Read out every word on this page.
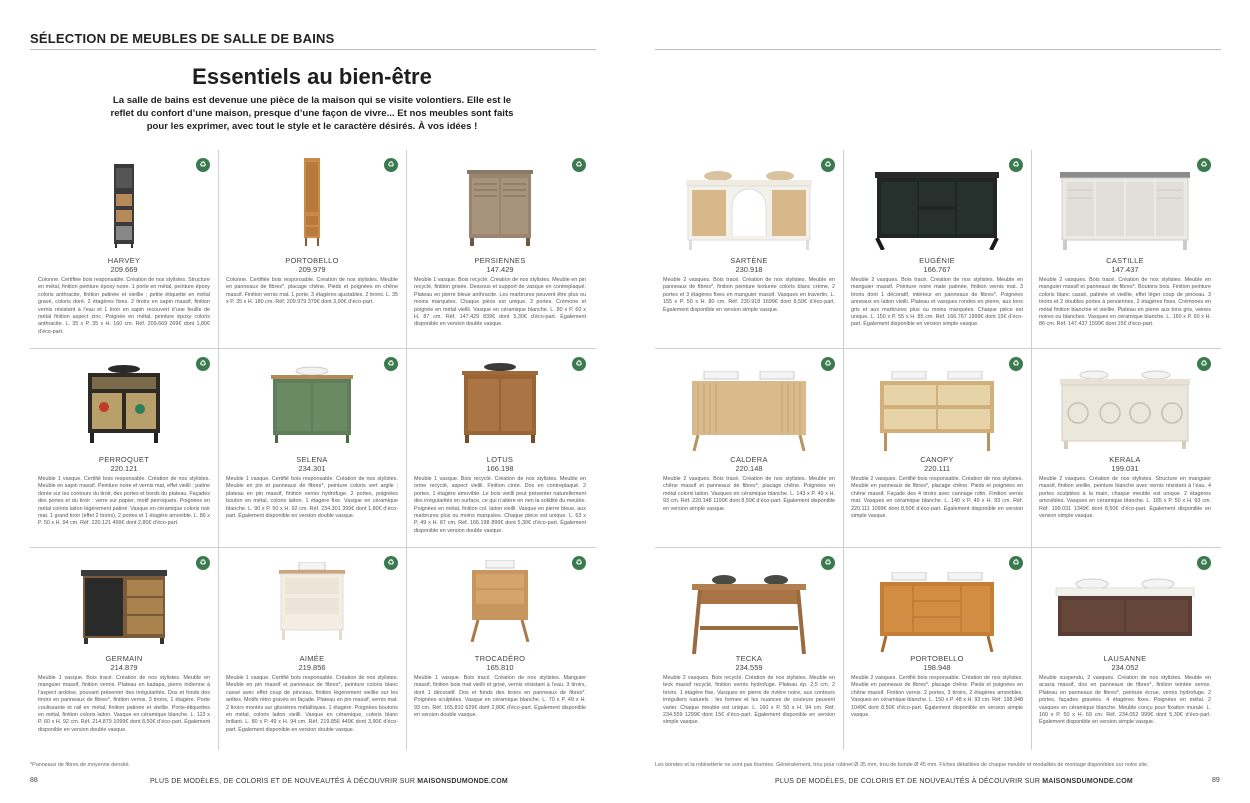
SÉLECTION DE MEUBLES DE SALLE DE BAINS
Essentiels au bien-être
La salle de bains est devenue une pièce de la maison qui se visite volontiers. Elle est le reflet du confort d’une maison, presque d’une façon de vivre... Et nos meubles sont faits pour les exprimer, avec tout le style et le caractère désirés. À vos idées !
♻
HARVEY
209.669
Colonne. Certifiée bois responsable. Création de nos stylistes. Structure en métal, finition peinture époxy noire. 1 porte en métal, peinture époxy coloris anthracite, finition patinée et vieillie ; petite étiquette en métal gravé, coloris doré. 2 étagères fixes. 2 tiroirs en sapin massif, finition vernis résistant à l’eau et 1 tiroir en sapin recouvert d’une feuille de métal finition aspect zinc. Poignée en métal, peinture époxy coloris anthracite. L. 35 x P. 35 x H. 160 cm. Réf. 209.669 269€ dont 1,80€ d’éco-part.
♻
PORTOBELLO
209.979
Colonne. Certifiée bois responsable. Création de nos stylistes. Meuble en panneaux de fibres*, placage chêne. Pieds et poignées en chêne massif. Finition vernis mat. 1 porte, 3 étagères ajustables. 2 tiroirs. L. 35 x P. 35 x H. 180 cm. Réf. 209.979 379€ dont 3,90€ d’éco-part.
♻
PERSIENNES
147.429
Meuble 1 vasque. Bois recyclé. Création de nos stylistes. Meuble en pin recyclé, finition grisée. Dessous et support de vasque en contreplaqué. Plateau en pierre bleue anthracite. Les marbrures peuvent être plus ou moins marquées. Chaque pièce est unique. 2 portes. Crémone et poignée en métal vieilli. Vasque en céramique blanche. L. 80 x P. 60 x H. 87 cm. Réf. 147.429 839€ dont 5,30€ d’éco-part. Également disponible en version double vasque.
♻
PERROQUET
220.121
Meuble 1 vasque. Certifié bois responsable. Création de nos stylistes. Meuble en sapin massif. Peinture noire et vernis mat, effet vieilli ; patine dorée sur les contours du tiroir, des portes et bords du plateau. Façades des portes et du tiroir : verre sur papier, motif perroquets. Poignées en métal coloris laiton légèrement patiné. Vasque en céramique coloris noir mat. 1 grand tiroir (effet 2 tiroirs), 2 portes et 1 étagère amovible. L. 86 x P. 50 x H. 94 cm. Réf. 220.121 499€ dont 2,80€ d’éco-part.
♻
SELENA
234.301
Meuble 1 vasque. Certifié bois responsable. Création de nos stylistes. Meuble en pin et panneaux de fibres*, peinture coloris vert argile ; plateau en pin massif, finition vernis hydrofuge. 2 portes, poignées bouton en métal, coloris laiton. 1 étagère fixe. Vasque en céramique blanche. L. 90 x P. 50 x H. 92 cm. Réf. 234.301 399€ dont 1,80€ d’éco-part. Également disponible en version double vasque.
♻
LOTUS
166.198
Meuble 1 vasque. Bois recyclé. Création de nos stylistes. Meuble en orme recyclé, aspect vieilli. Finition cirée. Dos en contreplaqué. 2 portes. 1 étagère amovible. Le bois vieilli peut présenter naturellement des irrégularités en surface, ce qui n’altère en rien la solidité du meuble. Poignées en métal, finition col. laiton vieilli. Vasque en pierre bleue, aux marbrures plus ou moins marquées. Chaque pièce est unique. L. 63 x P. 49 x H. 87 cm. Réf. 166.198 899€ dont 5,30€ d’éco-part. Également disponible en version double vasque.
♻
GERMAIN
214.879
Meuble 1 vasque. Bois tracé. Création de nos stylistes. Meuble en manguier massif, finition vernis. Plateau en kadapa, pierre indienne à l’aspect ardoise, pouvant présenter des irrégularités. Dos et fonds des tiroirs en panneaux de fibres*, finition vernis. 3 tiroirs, 1 étagère. Porte coulissante et rail en métal, finition patinée et vieillie. Porte-étiquettes en métal, finition coloris laiton. Vasque en céramique blanche. L. 113 x P. 60 x H. 92 cm. Réf. 214.879 1099€ dont 8,50€ d’éco-part. Également disponible en version double vasque.
♻
AIMÉE
219.856
Meuble 1 vasque. Certifié bois responsable. Création de nos stylistes. Meuble en pin massif et panneaux de fibres*, peinture coloris blanc cassé avec effet coup de pinceau, finition légèrement vieillie sur les arêtes. Motifs rétro gravés en façade. Plateau en pin massif, vernis mat. 2 tiroirs montés sur glissières métalliques. 1 étagère. Poignées boutons en métal, coloris laiton vieilli. Vasque en céramique, coloris blanc brillant. L. 80 x P. 49 x H. 94 cm. Réf. 219.856 449€ dont 3,90€ d’éco-part. Également disponible en version double vasque.
♻
TROCADÉRO
165.810
Meuble 1 vasque. Bois tracé. Création de nos stylistes. Manguier massif, finition bois mat vieilli et grisé, vernis résistant à l’eau. 3 tiroirs, dont 1 décoratif. Dos et fonds des tiroirs en panneaux de fibres*. Poignées sculptées. Vasque en céramique blanche. L. 70 x P. 49 x H. 93 cm. Réf. 165.810 629€ dont 2,80€ d’éco-part. Également disponible en version double vasque.
*Panneaux de fibres de moyenne densité.
88	PLUS DE MODÈLES, DE COLORIS ET DE NOUVEAUTÉS À DÉCOUVRIR SUR MAISONSDUMONDE.COM
♻
SARTÈNE
230.918
Meuble 2 vasques. Bois tracé. Création de nos stylistes. Meuble en panneaux de fibres*, finition peinture texturée coloris blanc crème, 2 portes et 3 étagères fixes en manguier massif. Vasques en travertin. L. 155 x P. 50 x H. 80 cm. Réf. 230.918 1699€ dont 8,50€ d’éco-part. Également disponible en version simple vasque.
♻
EUGÉNIE
166.767
Meuble 2 vasques. Bois tracé. Création de nos stylistes. Meuble en manguier massif. Peinture noire mate patinée, finition vernis mat. 3 tiroirs dont 1 décoratif, intérieur en panneaux de fibres*. Poignées anneaux en laiton vieilli. Plateau et vasques rondes en pierre, aux tons gris et aux marbrures plus ou moins marquées. Chaque pièce est unique. L. 150 x P. 55 x H. 85 cm. Réf. 166.767 1999€ dont 15€ d’éco-part. Également disponible en version simple vasque.
♻
CASTILLE
147.437
Meuble 2 vasques. Bois tracé. Création de nos stylistes. Meuble en manguier massif et panneaux de fibres*. Boutons bois. Finition peinture coloris blanc cassé, patinée et vieillie, effet léger coup de pinceau. 3 tiroirs et 2 doubles portes à persiennes, 2 étagères fixes. Crémones en métal finition blanchie et vieillie. Plateau en pierre aux tons gris, veines noires ou blanches. Vasques en céramique blanche. L. 160 x P. 60 x H. 86 cm. Réf. 147.437 1599€ dont 15€ d’éco-part.
♻
CALDERA
220.148
Meuble 2 vasques. Bois tracé. Création de nos stylistes. Meuble en chêne massif et panneaux de fibres*, placage chêne. Poignées en métal coloris laiton. Vasques en céramique blanche. L. 143 x P. 49 x H. 93 cm. Réf. 220.148 1199€ dont 8,50€ d’éco-part. Également disponible en version simple vasque.
♻
CANOPY
220.111
Meuble 2 vasques. Certifié bois responsable. Création de nos stylistes. Meuble en panneaux de fibres*, placage chêne. Pieds et poignées en chêne massif. Façade des 4 tiroirs avec cannage rotin. Finition vernis mat. Vasques en céramique blanche. L. 140 x P. 49 x H. 93 cm. Réf. 220.111 1099€ dont 8,50€ d’éco-part. Également disponible en version simple vasque.
♻
KERALA
199.031
Meuble 2 vasques. Création de nos stylistes. Structure en manguier massif, finition vieillie, peinture blanche avec vernis résistant à l’eau. 4 portes sculptées à la main, chaque meuble est unique. 2 étagères amovibles. Vasques en céramique blanche. L. 165 x P. 50 x H. 93 cm. Réf. 199.031 1349€ dont 8,50€ d’éco-part. Également disponible en version simple vasque.
♻
TECKA
234.559
Meuble 2 vasques. Bois recyclé. Création de nos stylistes. Meuble en teck massif recyclé, finition vernis hydrofuge. Plateau ép. 2,5 cm. 2 tiroirs. 1 étagère fixe. Vasques en pierre de rivière noire, aux contours irréguliers naturels : les formes et les nuances de couleurs peuvent varier. Chaque meuble est unique. L. 160 x P. 50 x H. 94 cm. Réf. 234.559 1299€ dont 15€ d’éco-part. Également disponible en version simple vasque.
♻
PORTOBELLO
198.948
Meuble 2 vasques. Certifié bois responsable. Création de nos stylistes. Meuble en panneaux de fibres*, placage chêne. Pieds et poignées en chêne massif. Finition vernis. 2 portes, 3 tiroirs, 2 étagères amovibles. Vasques en céramique blanche. L. 150 x P. 48 x H. 93 cm. Réf. 198.948 1049€ dont 8,50€ d’éco-part. Également disponible en version simple vasque.
♻
LAUSANNE
234.052
Meuble suspendu, 2 vasques. Création de nos stylistes. Meuble en acacia massif, dos en panneaux de fibres*, finition teintée vernie. Plateau en panneaux de fibres*, peinture écrue, vernis hydrofuge. 2 portes, façades gravées. 4 étagères fixes. Poignées en métal. 2 vasques en céramique blanche. Meuble conçu pour fixation murale. L. 160 x P. 50 x H. 69 cm. Réf. 234.052 999€ dont 5,30€ d’éco-part. Également disponible en version simple vasque.
Les bondes et la robinetterie ne sont pas fournies. Généralement, trou pour robinet Ø 35 mm, trou de bonde Ø 45 mm. Fiches détaillées de chaque meuble et modalités de montage disponibles sur notre site.
89
PLUS DE MODÈLES, DE COLORIS ET DE NOUVEAUTÉS À DÉCOUVRIR SUR MAISONSDUMONDE.COM
